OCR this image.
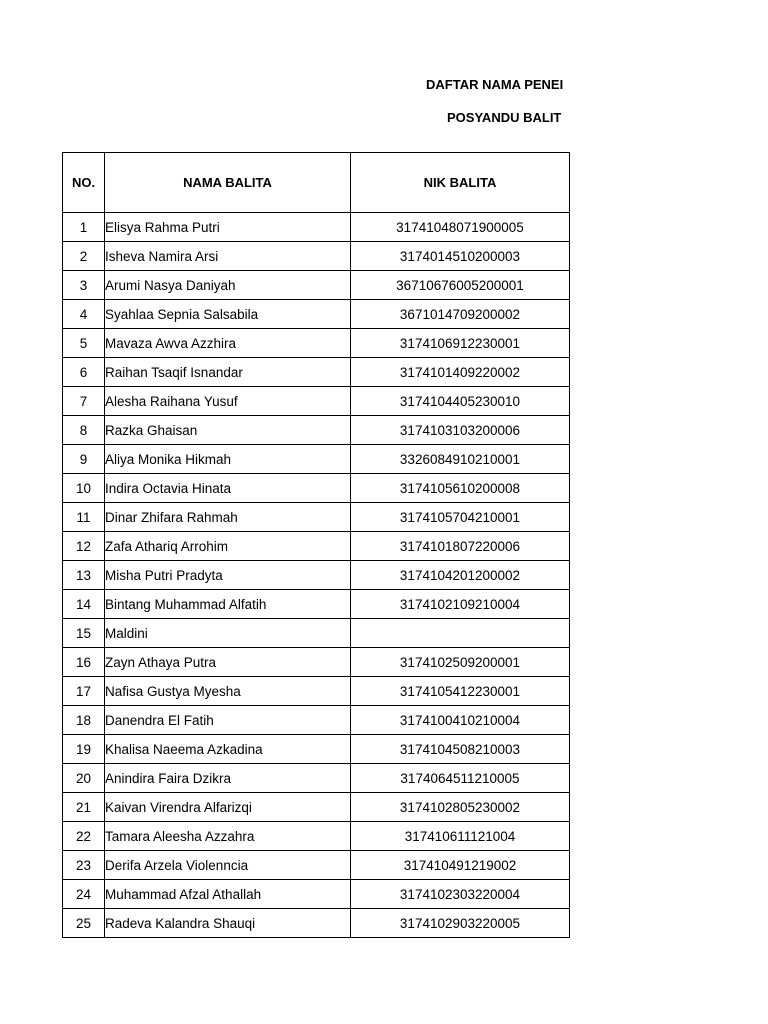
DAFTAR NAMA PENEI
POSYANDU BALIT
NO.	NAMA BALITA	NIK BALITA
1	Elisya Rahma Putri	31741048071900005
2	Isheva Namira Arsi	3174014510200003
3	Arumi Nasya Daniyah	36710676005200001
4	Syahlaa Sepnia Salsabila	3671014709200002
5	Mavaza Awva Azzhira	3174106912230001
6	Raihan Tsaqif Isnandar	3174101409220002
7	Alesha Raihana Yusuf	3174104405230010
8	Razka Ghaisan	3174103103200006
9	Aliya Monika Hikmah	3326084910210001
10	Indira Octavia Hinata	3174105610200008
11	Dinar Zhifara Rahmah	3174105704210001
12	Zafa Athariq Arrohim	3174101807220006
13	Misha Putri Pradyta	3174104201200002
14	Bintang Muhammad Alfatih	3174102109210004
15	Maldini	
16	Zayn Athaya Putra	3174102509200001
17	Nafisa Gustya Myesha	3174105412230001
18	Danendra El Fatih	3174100410210004
19	Khalisa Naeema Azkadina	3174104508210003
20	Anindira Faira Dzikra	3174064511210005
21	Kaivan Virendra Alfarizqi	3174102805230002
22	Tamara Aleesha Azzahra	317410611121004
23	Derifa Arzela Violenncia	317410491219002
24	Muhammad Afzal Athallah	3174102303220004
25	Radeva Kalandra Shauqi	3174102903220005
